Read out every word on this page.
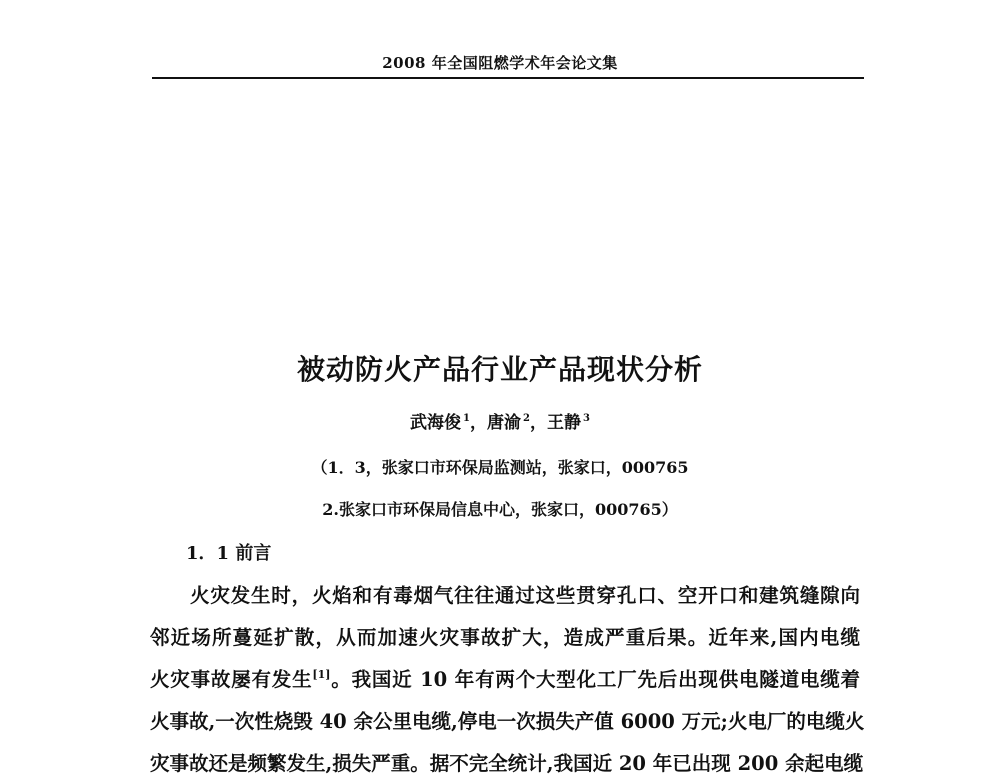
2008 年全国阻燃学术年会论文集
被动防火产品行业产品现状分析
武海俊 $^1$，唐渝 $^2$，王静 $^3$
（1．3，张家口市环保局监测站，张家口，000765
2.张家口市环保局信息中心，张家口，000765）
1．1 前言
火灾发生时，火焰和有毒烟气往往通过这些贯穿孔口、空开口和建筑缝隙向
邻近场所蔓延扩散，从而加速火灾事故扩大，造成严重后果。近年来,国内电缆
火灾事故屡有发生[1]。我国近 10 年有两个大型化工厂先后出现供电隧道电缆着
火事故,一次性烧毁 40 余公里电缆,停电一次损失产值 6000 万元;火电厂的电缆火
灾事故还是频繁发生,损失严重。据不完全统计,我国近 20 年已出现 200 余起电缆
